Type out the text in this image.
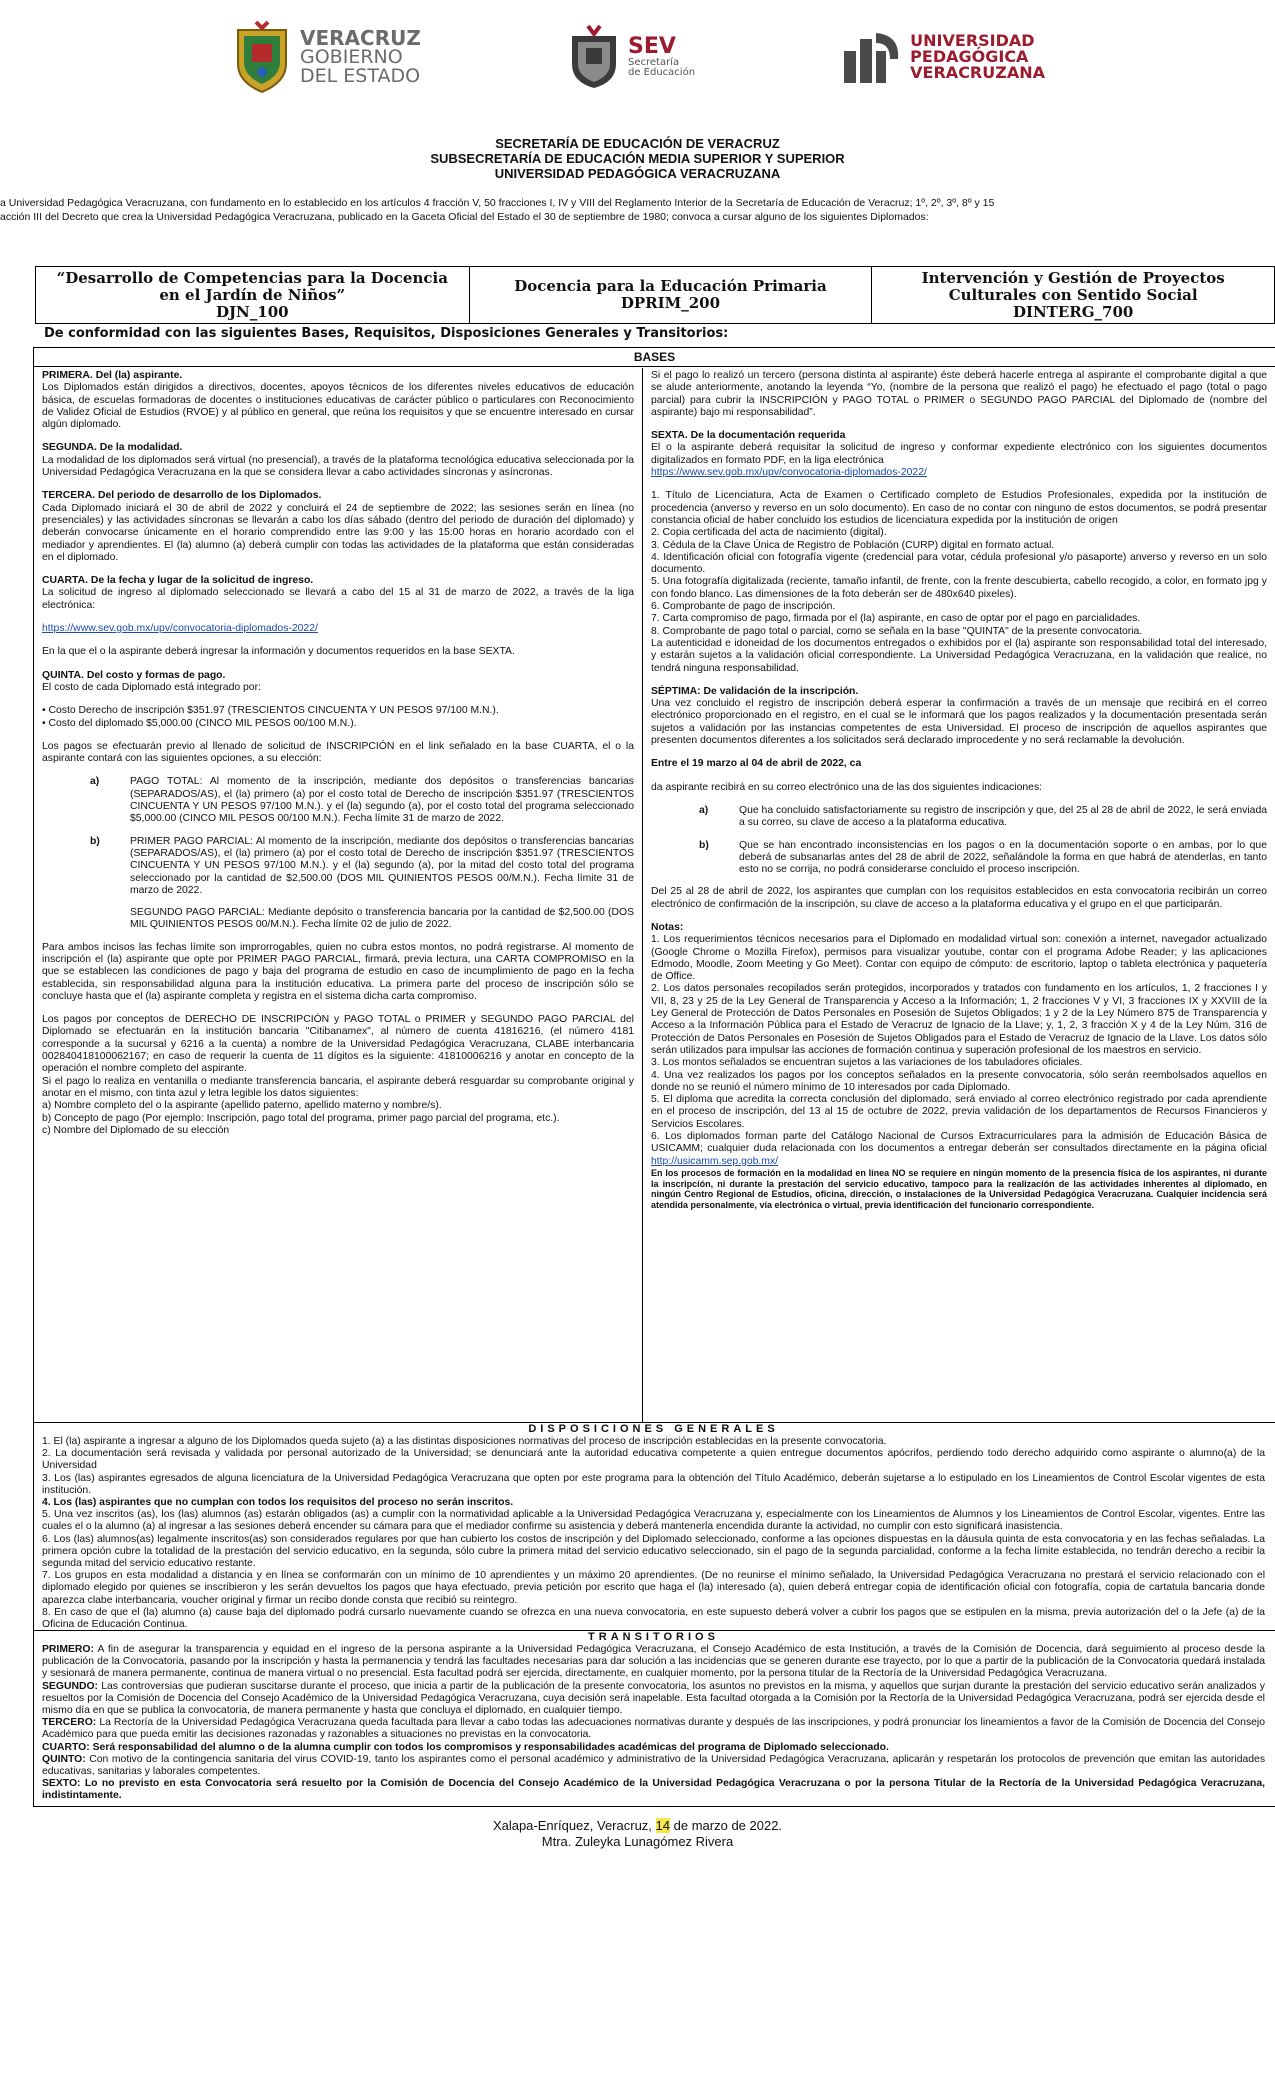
VERACRUZ
GOBIERNO
DEL ESTADO
SEV
Secretaría
de Educación
UNIVERSIDAD
PEDAGÓGICA
VERACRUZANA
SECRETARÍA DE EDUCACIÓN DE VERACRUZ
SUBSECRETARÍA DE EDUCACIÓN MEDIA SUPERIOR Y SUPERIOR
UNIVERSIDAD PEDAGÓGICA VERACRUZANA
a Universidad Pedagógica Veracruzana, con fundamento en lo establecido en los artículos 4 fracción V, 50 fracciones I, IV y VIII del Reglamento Interior de la Secretaría de Educación de Veracruz; 1º, 2º, 3º, 8º y 15
acción III del Decreto que crea la Universidad Pedagógica Veracruzana, publicado en la Gaceta Oficial del Estado el 30 de septiembre de 1980; convoca a cursar alguno de los siguientes Diplomados:
“Desarrollo de Competencias para la Docencia
en el Jardín de Niños”
DJN_100
Docencia para la Educación Primaria
DPRIM_200
Intervención y Gestión de Proyectos
Culturales con Sentido Social
DINTERG_700
De conformidad con las siguientes Bases, Requisitos, Disposiciones Generales y Transitorios:
BASES
PRIMERA. Del (la) aspirante.

Los Diplomados están dirigidos a directivos, docentes, apoyos técnicos de los diferentes niveles educativos de educación básica, de escuelas formadoras de docentes o instituciones educativas de carácter público o particulares con Reconocimiento de Validez Oficial de Estudios (RVOE) y al público en general, que reúna los requisitos y que se encuentre interesado en cursar algún diplomado.

SEGUNDA. De la modalidad.

La modalidad de los diplomados será virtual (no presencial), a través de la plataforma tecnológica educativa seleccionada por la Universidad Pedagógica Veracruzana en la que se considera llevar a cabo actividades síncronas y asíncronas.

TERCERA. Del periodo de desarrollo de los Diplomados.

Cada Diplomado iniciará el 30 de abril de 2022 y concluirá el 24 de septiembre de 2022; las sesiones serán en línea (no presenciales) y las actividades síncronas se llevarán a cabo los días sábado (dentro del periodo de duración del diplomado) y deberán convocarse únicamente en el horario comprendido entre las 9:00 y las 15:00 horas en horario acordado con el mediador y aprendientes. El (la) alumno (a) deberá cumplir con todas las actividades de la plataforma que están consideradas en el diplomado.

CUARTA. De la fecha y lugar de la solicitud de ingreso.

La solicitud de ingreso al diplomado seleccionado se llevará a cabo del 15 al 31 de marzo de 2022, a través de la liga electrónica:

https://www.sev.gob.mx/upv/convocatoria-diplomados-2022/

En la que el o la aspirante deberá ingresar la información y documentos requeridos en la base SEXTA.

QUINTA. Del costo y formas de pago.

El costo de cada Diplomado está integrado por:

• Costo Derecho de inscripción $351.97 (TRESCIENTOS CINCUENTA Y UN PESOS 97/100 M.N.).

• Costo del diplomado $5,000.00 (CINCO MIL PESOS 00/100 M.N.).

Los pagos se efectuarán previo al llenado de solicitud de INSCRIPCIÓN en el link señalado en la base CUARTA, el o la aspirante contará con las siguientes opciones, a su elección:

a)	PAGO TOTAL: Al momento de la inscripción, mediante dos depósitos o transferencias bancarias (SEPARADOS/AS), el (la) primero (a) por el costo total de Derecho de inscripción $351.97 (TRESCIENTOS CINCUENTA Y UN PESOS 97/100 M.N.). y el (la) segundo (a), por el costo total del programa seleccionado $5,000.00 (CINCO MIL PESOS 00/100 M.N.). Fecha límite 31 de marzo de 2022.
b)	PRIMER PAGO PARCIAL: Al momento de la inscripción, mediante dos depósitos o transferencias bancarias (SEPARADOS/AS), el (la) primero (a) por el costo total de Derecho de inscripción $351.97 (TRESCIENTOS CINCUENTA Y UN PESOS 97/100 M.N.). y el (la) segundo (a), por la mitad del costo total del programa seleccionado por la cantidad de $2,500.00 (DOS MIL QUINIENTOS PESOS 00/M.N.). Fecha límite 31 de marzo de 2022.
SEGUNDO PAGO PARCIAL: Mediante depósito o transferencia bancaria por la cantidad de $2,500.00 (DOS MIL QUINIENTOS PESOS 00/M.N.). Fecha límite 02 de julio de 2022.

Para ambos incisos las fechas límite son improrrogables, quien no cubra estos montos, no podrá registrarse. Al momento de inscripción el (la) aspirante que opte por PRIMER PAGO PARCIAL, firmará, previa lectura, una CARTA COMPROMISO en la que se establecen las condiciones de pago y baja del programa de estudio en caso de incumplimiento de pago en la fecha establecida, sin responsabilidad alguna para la institución educativa. La primera parte del proceso de inscripción sólo se concluye hasta que el (la) aspirante completa y registra en el sistema dicha carta compromiso.

Los pagos por conceptos de DERECHO DE INSCRIPCIÓN y PAGO TOTAL o PRIMER y SEGUNDO PAGO PARCIAL del Diplomado se efectuarán en la institución bancaria "Citibanamex", al número de cuenta 41816216, (el número 4181 corresponde a la sucursal y 6216 a la cuenta) a nombre de la Universidad Pedagógica Veracruzana, CLABE interbancaria 002840418100062167; en caso de requerir la cuenta de 11 dígitos es la siguiente: 41810006216 y anotar en concepto de la operación el nombre completo del aspirante.
Si el pago lo realiza en ventanilla o mediante transferencia bancaria, el aspirante deberá resguardar su comprobante original y anotar en el mismo, con tinta azul y letra legible los datos siguientes:
a) Nombre completo del o la aspirante (apellido paterno, apellido materno y nombre/s).
b) Concepto de pago (Por ejemplo: Inscripción, pago total del programa, primer pago parcial del programa, etc.).
c) Nombre del Diplomado de su elección

Si el pago lo realizó un tercero (persona distinta al aspirante) éste deberá hacerle entrega al aspirante el comprobante digital a que se alude anteriormente, anotando la leyenda “Yo, (nombre de la persona que realizó el pago) he efectuado el pago (total o pago parcial) para cubrir la INSCRIPCIÓN y PAGO TOTAL o PRIMER o SEGUNDO PAGO PARCIAL del Diplomado de (nombre del aspirante) bajo mi responsabilidad”.

SEXTA. De la documentación requerida
El o la aspirante deberá requisitar la solicitud de ingreso y conformar expediente electrónico con los siguientes documentos digitalizados en formato PDF, en la liga electrónica

https://www.sev.gob.mx/upv/convocatoria-diplomados-2022/

1. Título de Licenciatura, Acta de Examen o Certificado completo de Estudios Profesionales, expedida por la institución de procedencia (anverso y reverso en un solo documento). En caso de no contar con ninguno de estos documentos, se podrá presentar constancia oficial de haber concluido los estudios de licenciatura expedida por la institución de origen
2. Copia certificada del acta de nacimiento (digital).
3. Cédula de la Clave Única de Registro de Población (CURP) digital en formato actual.
4. Identificación oficial con fotografía vigente (credencial para votar, cédula profesional y/o pasaporte) anverso y reverso en un solo documento.
5. Una fotografía digitalizada (reciente, tamaño infantil, de frente, con la frente descubierta, cabello recogido, a color, en formato jpg y con fondo blanco. Las dimensiones de la foto deberán ser de 480x640 pixeles).
6. Comprobante de pago de inscripción.
7. Carta compromiso de pago, firmada por el (la) aspirante, en caso de optar por el pago en parcialidades.
8. Comprobante de pago total o parcial, como se señala en la base "QUINTA" de la presente convocatoria.

La autenticidad e idoneidad de los documentos entregados o exhibidos por el (la) aspirante son responsabilidad total del interesado, y estarán sujetos a la validación oficial correspondiente. La Universidad Pedagógica Veracruzana, en la validación que realice, no tendrá ninguna responsabilidad.

SÉPTIMA: De validación de la inscripción.

Una vez concluido el registro de inscripción deberá esperar la confirmación a través de un mensaje que recibirá en el correo electrónico proporcionado en el registro, en el cual se le informará que los pagos realizados y la documentación presentada serán sujetos a validación por las instancias competentes de esta Universidad. El proceso de inscripción de aquellos aspirantes que presenten documentos diferentes a los solicitados será declarado improcedente y no será reclamable la devolución.

Entre el 19 marzo al 04 de abril de 2022, ca

da aspirante recibirá en su correo electrónico una de las dos siguientes indicaciones:

a)	Que ha concluido satisfactoriamente su registro de inscripción y que, del 25 al 28 de abril de 2022, le será enviada a su correo, su clave de acceso a la plataforma educativa.
b)	Que se han encontrado inconsistencias en los pagos o en la documentación soporte o en ambas, por lo que deberá de subsanarlas antes del 28 de abril de 2022, señalándole la forma en que habrá de atenderlas, en tanto esto no se corrija, no podrá considerarse concluido el proceso inscripción.

Del 25 al 28 de abril de 2022, los aspirantes que cumplan con los requisitos establecidos en esta convocatoria recibirán un correo electrónico de confirmación de la inscripción, su clave de acceso a la plataforma educativa y el grupo en el que participarán.

Notas:
1. Los requerimientos técnicos necesarios para el Diplomado en modalidad virtual son: conexión a internet, navegador actualizado (Google Chrome o Mozilla Firefox), permisos para visualizar youtube, contar con el programa Adobe Reader; y las aplicaciones Edmodo, Moodle, Zoom Meeting y Go Meet). Contar con equipo de cómputo: de escritorio, laptop o tableta electrónica y paquetería de Office.
2. Los datos personales recopilados serán protegidos, incorporados y tratados con fundamento en los artículos, 1, 2 fracciones I y VII, 8, 23 y 25 de la Ley General de Transparencia y Acceso a la Información; 1, 2 fracciones V y VI, 3 fracciones IX y XXVIII de la Ley General de Protección de Datos Personales en Posesión de Sujetos Obligados; 1 y 2 de la Ley Número 875 de Transparencia y Acceso a la Información Pública para el Estado de Veracruz de Ignacio de la Llave; y, 1, 2, 3 fracción X y 4 de la Ley Núm. 316 de Protección de Datos Personales en Posesión de Sujetos Obligados para el Estado de Veracruz de Ignacio de la Llave. Los datos sólo serán utilizados para impulsar las acciones de formación continua y superación profesional de los maestros en servicio.
3. Los montos señalados se encuentran sujetos a las variaciones de los tabuladores oficiales.
4. Una vez realizados los pagos por los conceptos señalados en la presente convocatoria, sólo serán reembolsados aquellos en donde no se reunió el número mínimo de 10 interesados por cada Diplomado.
5. El diploma que acredita la correcta conclusión del diplomado, será enviado al correo electrónico registrado por cada aprendiente en el proceso de inscripción, del 13 al 15 de octubre de 2022, previa validación de los departamentos de Recursos Financieros y Servicios Escolares.
6. Los diplomados forman parte del Catálogo Nacional de Cursos Extracurriculares para la admisión de Educación Básica de USICAMM; cualquier duda relacionada con los documentos a entregar deberán ser consultados directamente en la página oficial http://usicamm.sep.gob.mx/
En los procesos de formación en la modalidad en línea NO se requiere en ningún momento de la presencia física de los aspirantes, ni durante la inscripción, ni durante la prestación del servicio educativo, tampoco para la realización de las actividades inherentes al diplomado, en ningún Centro Regional de Estudios, oficina, dirección, o instalaciones de la Universidad Pedagógica Veracruzana. Cualquier incidencia será atendida personalmente, vía electrónica o virtual, previa identificación del funcionario correspondiente.
DISPOSICIONES GENERALES
1. El (la) aspirante a ingresar a alguno de los Diplomados queda sujeto (a) a las distintas disposiciones normativas del proceso de inscripción establecidas en la presente convocatoria.
2. La documentación será revisada y validada por personal autorizado de la Universidad; se denunciará ante la autoridad educativa competente a quien entregue documentos apócrifos, perdiendo todo derecho adquirido como aspirante o alumno(a) de la Universidad
3. Los (las) aspirantes egresados de alguna licenciatura de la Universidad Pedagógica Veracruzana que opten por este programa para la obtención del Título Académico, deberán sujetarse a lo estipulado en los Lineamientos de Control Escolar vigentes de esta institución.
4. Los (las) aspirantes que no cumplan con todos los requisitos del proceso no serán inscritos.
5. Una vez inscritos (as), los (las) alumnos (as) estarán obligados (as) a cumplir con la normatividad aplicable a la Universidad Pedagógica Veracruzana y, especialmente con los Lineamientos de Alumnos y los Lineamientos de Control Escolar, vigentes. Entre las cuales el o la alumno (a) al ingresar a las sesiones deberá encender su cámara para que el mediador confirme su asistencia y deberá mantenerla encendida durante la actividad, no cumplir con esto significará inasistencia.
6. Los (las) alumnos(as) legalmente inscritos(as) son considerados regulares por que han cubierto los costos de inscripción y del Diplomado seleccionado, conforme a las opciones dispuestas en la dáusula quinta de esta convocatoria y en las fechas señaladas. La primera opción cubre la totalidad de la prestación del servicio educativo, en la segunda, sólo cubre la primera mitad del servicio educativo seleccionado, sin el pago de la segunda parcialidad, conforme a la fecha límite establecida, no tendrán derecho a recibir la segunda mitad del servicio educativo restante.
7. Los grupos en esta modalidad a distancia y en línea se conformarán con un mínimo de 10 aprendientes y un máximo 20 aprendientes. (De no reunirse el mínimo señalado, la Universidad Pedagógica Veracruzana no prestará el servicio relacionado con el diplomado elegido por quienes se inscribieron y les serán devueltos los pagos que haya efectuado, previa petición por escrito que haga el (la) interesado (a), quien deberá entregar copia de identificación oficial con fotografía, copia de cartatula bancaria donde aparezca clabe interbancaria, voucher original y firmar un recibo donde consta que recibió su reintegro.
8. En caso de que el (la) alumno (a) cause baja del diplomado podrá cursarlo nuevamente cuando se ofrezca en una nueva convocatoria, en este supuesto deberá volver a cubrir los pagos que se estipulen en la misma, previa autorización del o la Jefe (a) de la Oficina de Educación Continua.
TRANSITORIOS
PRIMERO: A fin de asegurar la transparencia y equidad en el ingreso de la persona aspirante a la Universidad Pedagógica Veracruzana, el Consejo Académico de esta Institución, a través de la Comisión de Docencia, dará seguimiento al proceso desde la publicación de la Convocatoria, pasando por la inscripción y hasta la permanencia y tendrá las facultades necesarias para dar solución a las incidencias que se generen durante ese trayecto, por lo que a partir de la publicación de la Convocatoria quedará instalada y sesionará de manera permanente, continua de manera virtual o no presencial. Esta facultad podrá ser ejercida, directamente, en cualquier momento, por la persona titular de la Rectoría de la Universidad Pedagógica Veracruzana.
SEGUNDO: Las controversias que pudieran suscitarse durante el proceso, que inicia a partir de la publicación de la presente convocatoria, los asuntos no previstos en la misma, y aquellos que surjan durante la prestación del servicio educativo serán analizados y resueltos por la Comisión de Docencia del Consejo Académico de la Universidad Pedagógica Veracruzana, cuya decisión será inapelable. Esta facultad otorgada a la Comisión por la Rectoría de la Universidad Pedagógica Veracruzana, podrá ser ejercida desde el mismo día en que se publica la convocatoria, de manera permanente y hasta que concluya el diplomado, en cualquier tiempo.
TERCERO: La Rectoría de la Universidad Pedagógica Veracruzana queda facultada para llevar a cabo todas las adecuaciones normativas durante y después de las inscripciones, y podrá pronunciar los lineamientos a favor de la Comisión de Docencia del Consejo Académico para que pueda emitir las decisiones razonadas y razonables a situaciones no previstas en la convocatoria.
CUARTO: Será responsabilidad del alumno o de la alumna cumplir con todos los compromisos y responsabilidades académicas del programa de Diplomado seleccionado.
QUINTO: Con motivo de la contingencia sanitaria del virus COVID-19, tanto los aspirantes como el personal académico y administrativo de la Universidad Pedagógica Veracruzana, aplicarán y respetarán los protocolos de prevención que emitan las autoridades educativas, sanitarias y laborales competentes.
SEXTO: Lo no previsto en esta Convocatoria será resuelto por la Comisión de Docencia del Consejo Académico de la Universidad Pedagógica Veracruzana o por la persona Titular de la Rectoría de la Universidad Pedagógica Veracruzana, indistintamente.
Xalapa-Enríquez, Veracruz, 14 de marzo de 2022.
Mtra. Zuleyka Lunagómez Rivera
